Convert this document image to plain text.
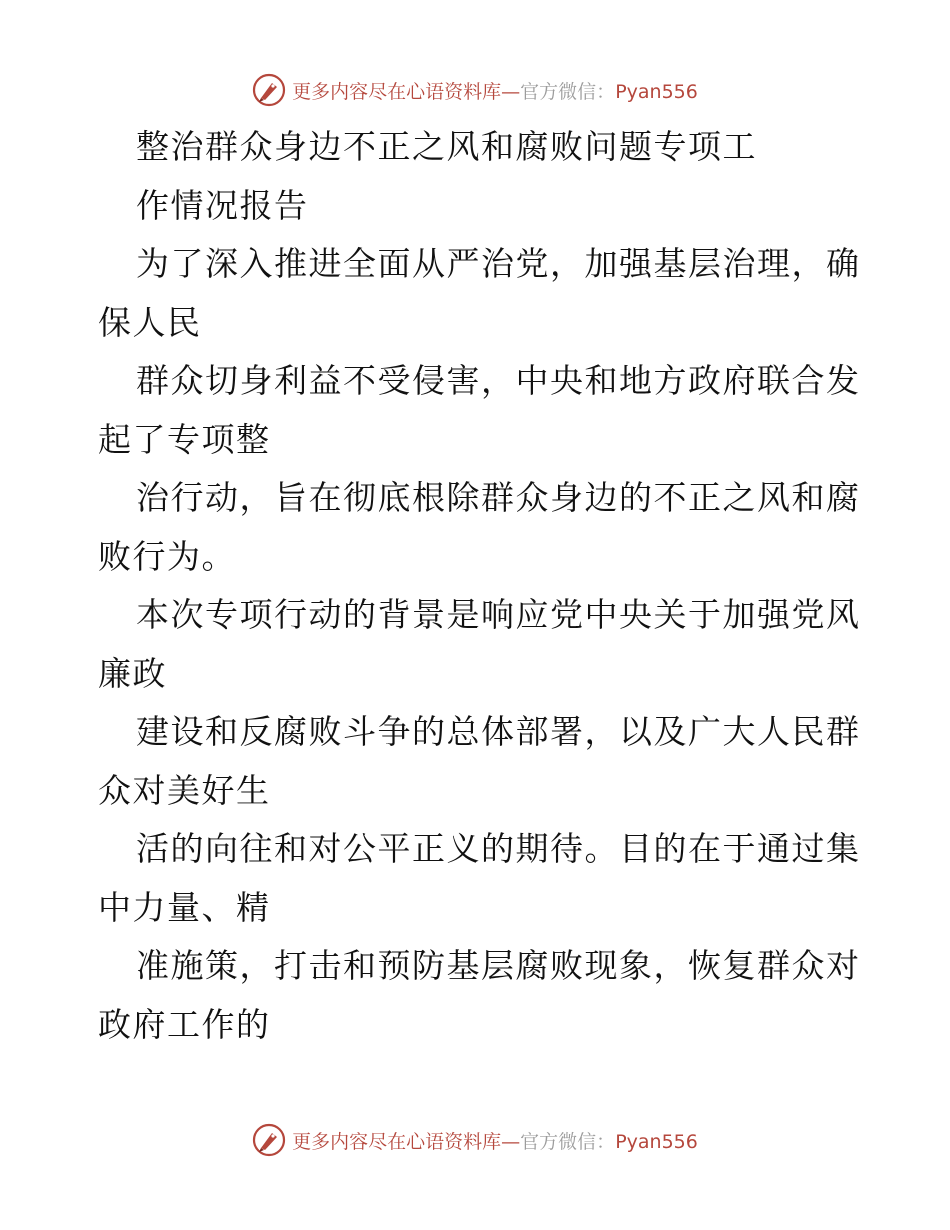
更多内容尽在心语资料库—官方微信：Pyan556
整治群众身边不正之风和腐败问题专项工
作情况报告
为了深入推进全面从严治党，加强基层治理，确
保人民
群众切身利益不受侵害，中央和地方政府联合发
起了专项整
治行动，旨在彻底根除群众身边的不正之风和腐
败行为。
本次专项行动的背景是响应党中央关于加强党风
廉政
建设和反腐败斗争的总体部署，以及广大人民群
众对美好生
活的向往和对公平正义的期待。目的在于通过集
中力量、精
准施策，打击和预防基层腐败现象，恢复群众对
政府工作的
更多内容尽在心语资料库—官方微信：Pyan556
